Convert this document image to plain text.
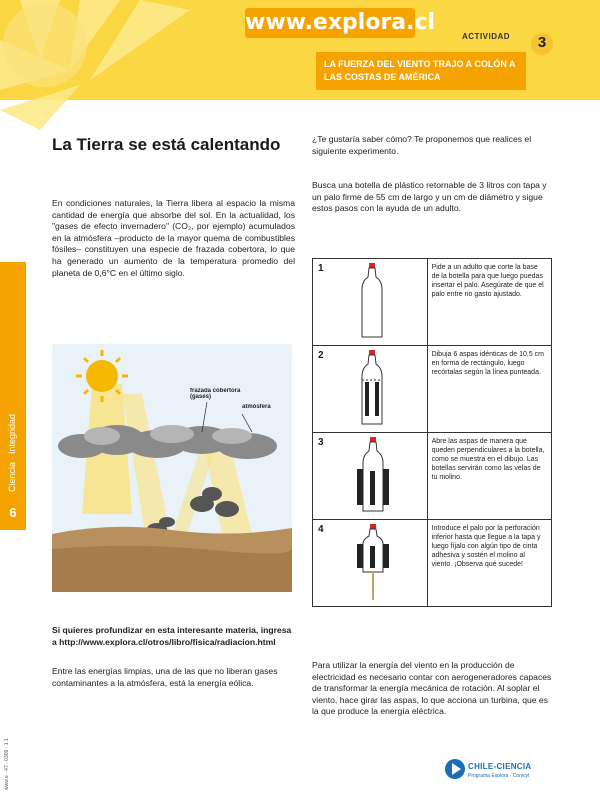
www.explora.cl
ACTIVIDAD	3
LA FUERZA DEL VIENTO TRAJO A COLÓN A LAS COSTAS DE AMÉRICA
Ciencia · Integridad
6
www.e · 47 · 0309 · 1 1
La Tierra se está calentando
En condiciones naturales, la Tierra libera al espacio la misma cantidad de energía que absorbe del sol. En la actualidad, los "gases de efecto invernadero" (CO₂, por ejemplo) acumulados en la atmósfera –producto de la mayor quema de combustibles fósiles– constituyen una especie de frazada cobertora, lo que ha generado un aumento de la temperatura promedio del planeta de 0,6°C en el último siglo.
frazada cobertora (gases)
atmósfera
Si quieres profundizar en esta interesante materia, ingresa a http://www.explora.cl/otros/libro/fisica/radiacion.html
Entre las energías limpias, una de las que no liberan gases contaminantes a la atmósfera, está la energía eólica.
¿Te gustaría saber cómo? Te proponemos que realices el siguiente experimento.
Busca una botella de plástico retornable de 3 litros con tapa y un palo firme de 55 cm de largo y un cm de diámetro y sigue estos pasos con la ayuda de un adulto.
1	Pide a un adulto que corte la base de la botella para que luego puedas insertar el palo. Asegúrate de que el palo entre no gasto ajustado.

2	Dibuja 6 aspas idénticas de 10,5 cm en forma de rectángulo, luego recórtalas según la línea punteada.

3	Abre las aspas de manera que queden perpendiculares a la botella, como se muestra en el dibujo. Las botellas servirán como las velas de tu molino.

4	Introduce el palo por la perforación inferior hasta que llegue a la tapa y luego fíjalo con algún tipo de cinta adhesiva y sostén el molino al viento. ¡Observa qué sucede!
Para utilizar la energía del viento en la producción de electricidad es necesario contar con aerogeneradores capaces de transformar la energía mecánica de rotación. Al soplar el viento, hace girar las aspas, lo que acciona un turbina, que es la que produce la energía eléctrica.
CHILE-CIENCIA
Programa Explora · Conicyt
